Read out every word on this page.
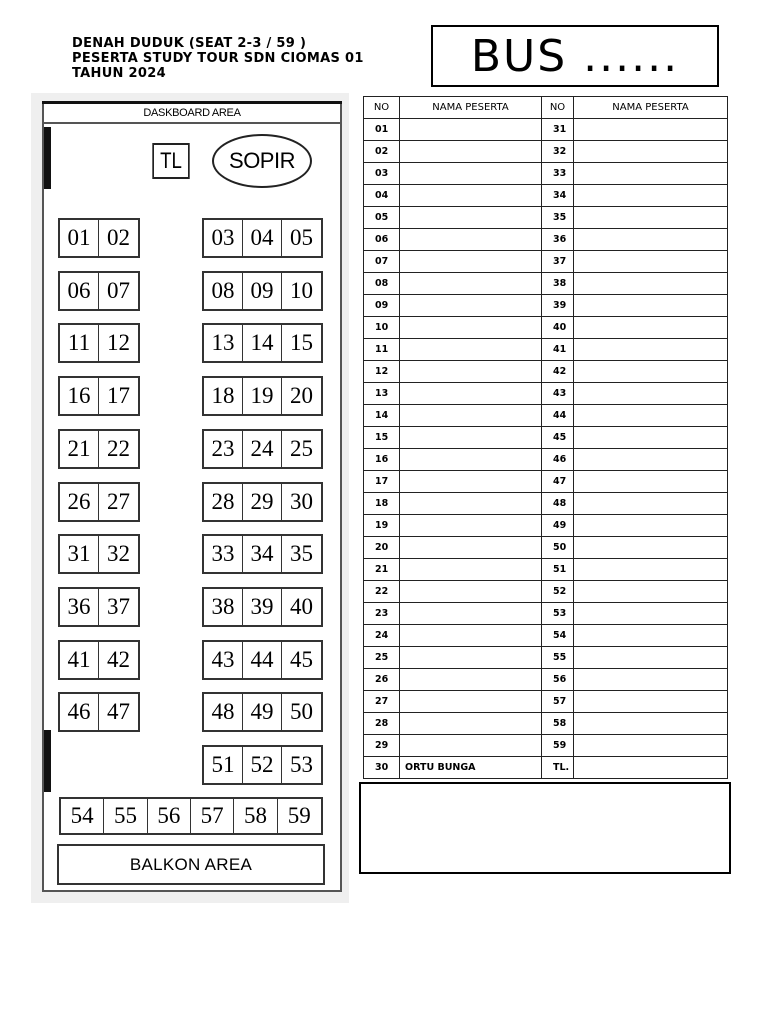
DENAH DUDUK (SEAT 2-3 / 59 )
PESERTA STUDY TOUR SDN CIOMAS 01
TAHUN 2024	BUS ......
DASKBOARD AREA
TL	SOPIR
01 02	03 04 05
06 07	08 09 10
11 12	13 14 15
16 17	18 19 20
21 22	23 24 25
26 27	28 29 30
31 32	33 34 35
36 37	38 39 40
41 42	43 44 45
46 47	48 49 50
51 52 53
54 55 56 57 58 59
BALKON AREA
NO	NAMA PESERTA	NO	NAMA PESERTA
01		31	
02		32	
03		33	
04		34	
05		35	
06		36	
07		37	
08		38	
09		39	
10		40	
11		41	
12		42	
13		43	
14		44	
15		45	
16		46	
17		47	
18		48	
19		49	
20		50	
21		51	
22		52	
23		53	
24		54	
25		55	
26		56	
27		57	
28		58	
29		59	
30	ORTU BUNGA	TL.	
